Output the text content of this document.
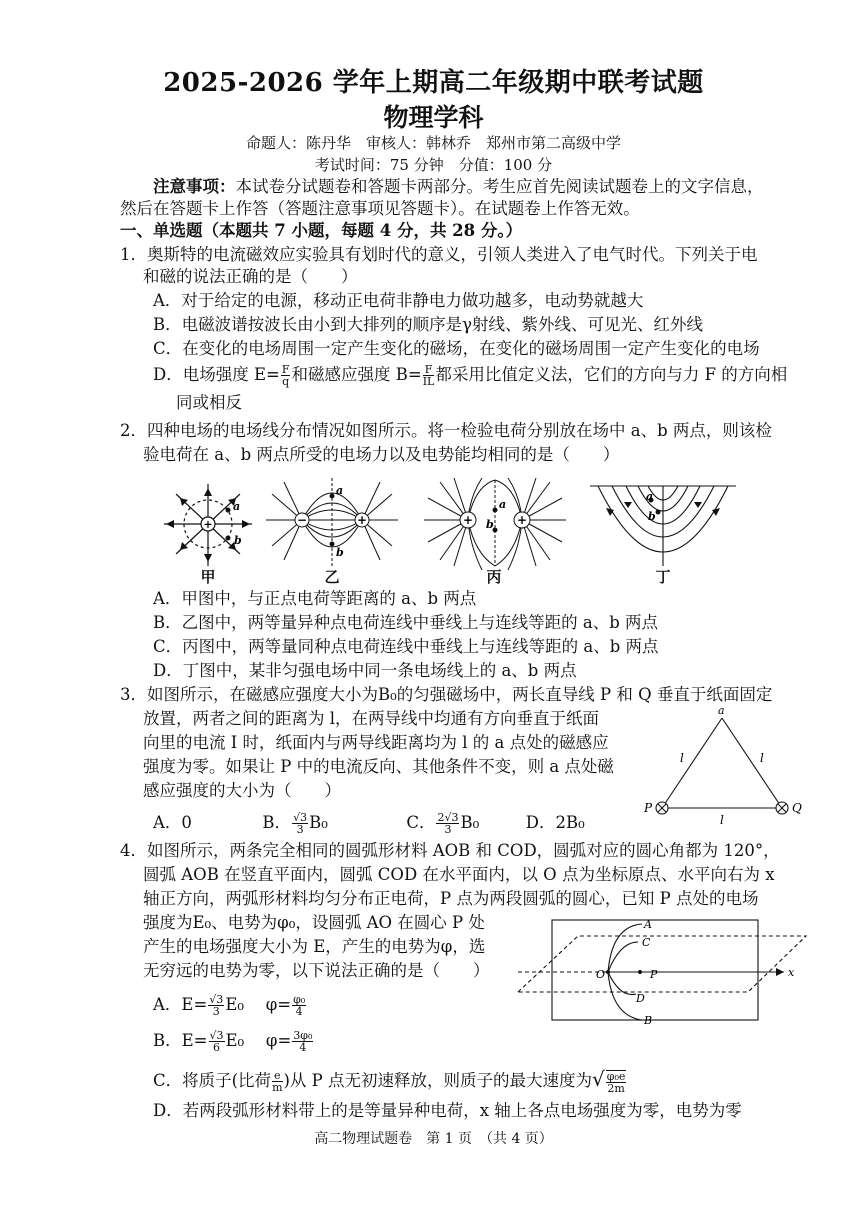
2025-2026 学年上期高二年级期中联考试题
物理学科
命题人：陈丹华　审核人：韩林乔　郑州市第二高级中学
考试时间：75 分钟　分值：100 分
注意事项：本试卷分试题卷和答题卡两部分。考生应首先阅读试题卷上的文字信息，
然后在答题卡上作答（答题注意事项见答题卡）。在试题卷上作答无效。
一、单选题（本题共 7 小题，每题 4 分，共 28 分。）
1．奥斯特的电流磁效应实验具有划时代的意义，引领人类进入了电气时代。下列关于电
和磁的说法正确的是（　　）
A．对于给定的电源，移动正电荷非静电力做功越多，电动势就越大
B．电磁波谱按波长由小到大排列的顺序是γ射线、紫外线、可见光、红外线
C．在变化的电场周围一定产生变化的磁场，在变化的磁场周围一定产生变化的电场
D．电场强度 $E= \frac{F}{q}$ 和磁感应强度 $B= \frac{F}{IL}$ 都采用比值定义法，它们的方向与力 F 的方向相
同或相反
2．四种电场的电场线分布情况如图所示。将一检验电荷分别放在场中 a、b 两点，则该检
验电荷在 a、b 两点所受的电场力以及电势能均相同的是（　　）
+
a
b
甲
−	+
a
b
乙
+	+
a
b
丙
a
b
丁
A．甲图中，与正点电荷等距离的 a、b 两点
B．乙图中，两等量异种点电荷连线中垂线上与连线等距的 a、b 两点
C．丙图中，两等量同种点电荷连线中垂线上与连线等距的 a、b 两点
D．丁图中，某非匀强电场中同一条电场线上的 a、b 两点
3．如图所示，在磁感应强度大小为B₀的匀强磁场中，两长直导线 P 和 Q 垂直于纸面固定
放置，两者之间的距离为 l，在两导线中均通有方向垂直于纸面
向里的电流 I 时，纸面内与两导线距离均为 l 的 a 点处的磁感应
强度为零。如果让 P 中的电流反向、其他条件不变，则 a 点处磁
感应强度的大小为（　　）
A．0	B． $\frac{√3}{3} B_0$	C． $\frac{2√3}{3} B_0$	D．2B₀
a
l	l
l
P	Q
4．如图所示，两条完全相同的圆弧形材料 AOB 和 COD，圆弧对应的圆心角都为 120°，
圆弧 AOB 在竖直平面内，圆弧 COD 在水平面内，以 O 点为坐标原点、水平向右为 x
轴正方向，两弧形材料均匀分布正电荷，P 点为两段圆弧的圆心，已知 P 点处的电场
强度为E₀、电势为φ₀，设圆弧 AO 在圆心 P 处
产生的电场强度大小为 E，产生的电势为φ，选
无穷远的电势为零，以下说法正确的是（　　）
A．$E= \frac{√3}{3} E_0$　 $\varphi= \frac{\text{φ₀}}{4}$
B．$E= \frac{√3}{6} E_0$　 $\varphi= \frac{\text{3φ₀}}{4}$
C．将质子(比荷 $\frac{e}{m}$ )从 P 点无初速释放，则质子的最大速度为√ $\frac{\text{φ₀e}}{2m}$
D．若两段弧形材料带上的是等量异种电荷，x 轴上各点电场强度为零，电势为零
A
B
C
D
O	P	x
高二物理试题卷　第 1 页　（共 4 页）
